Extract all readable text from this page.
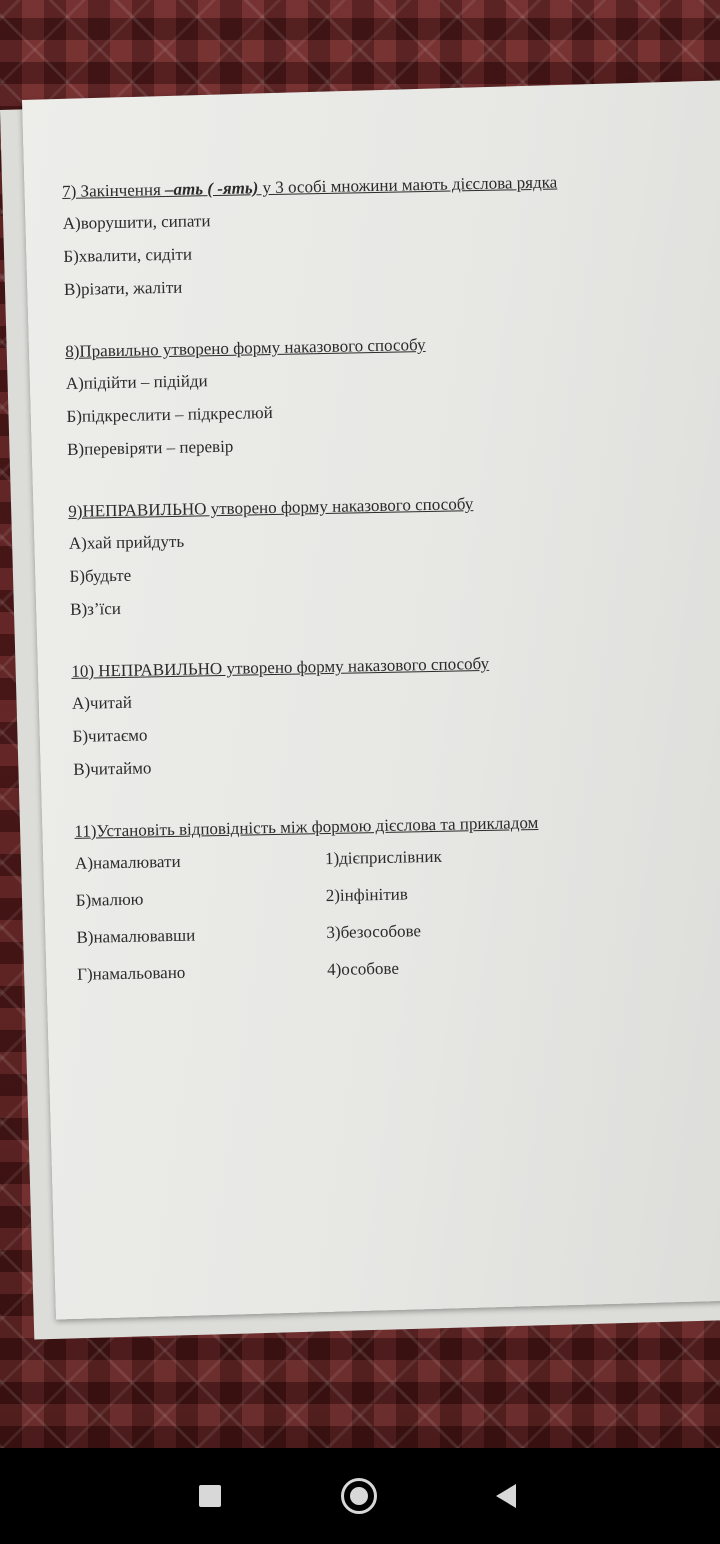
7) Закінчення –ать ( -ять) у 3 особі множини мають дієслова рядка
А)ворушити, сипати
Б)хвалити, сидіти
В)різати, жаліти
8)Правильно утворено форму наказового способу
А)підійти – підійди
Б)підкреслити – підкреслюй
В)перевіряти – перевір
9)НЕПРАВИЛЬНО утворено форму наказового способу
А)хай прийдуть
Б)будьте
В)з’їси
10) НЕПРАВИЛЬНО утворено форму наказового способу
А)читай
Б)читаємо
В)читаймо
11)Установіть відповідність між формою дієслова та прикладом
А)намалювати	1)дієприслівник
Б)малюю	2)інфінітив
В)намалювавши	3)безособове
Г)намальовано	4)особове
